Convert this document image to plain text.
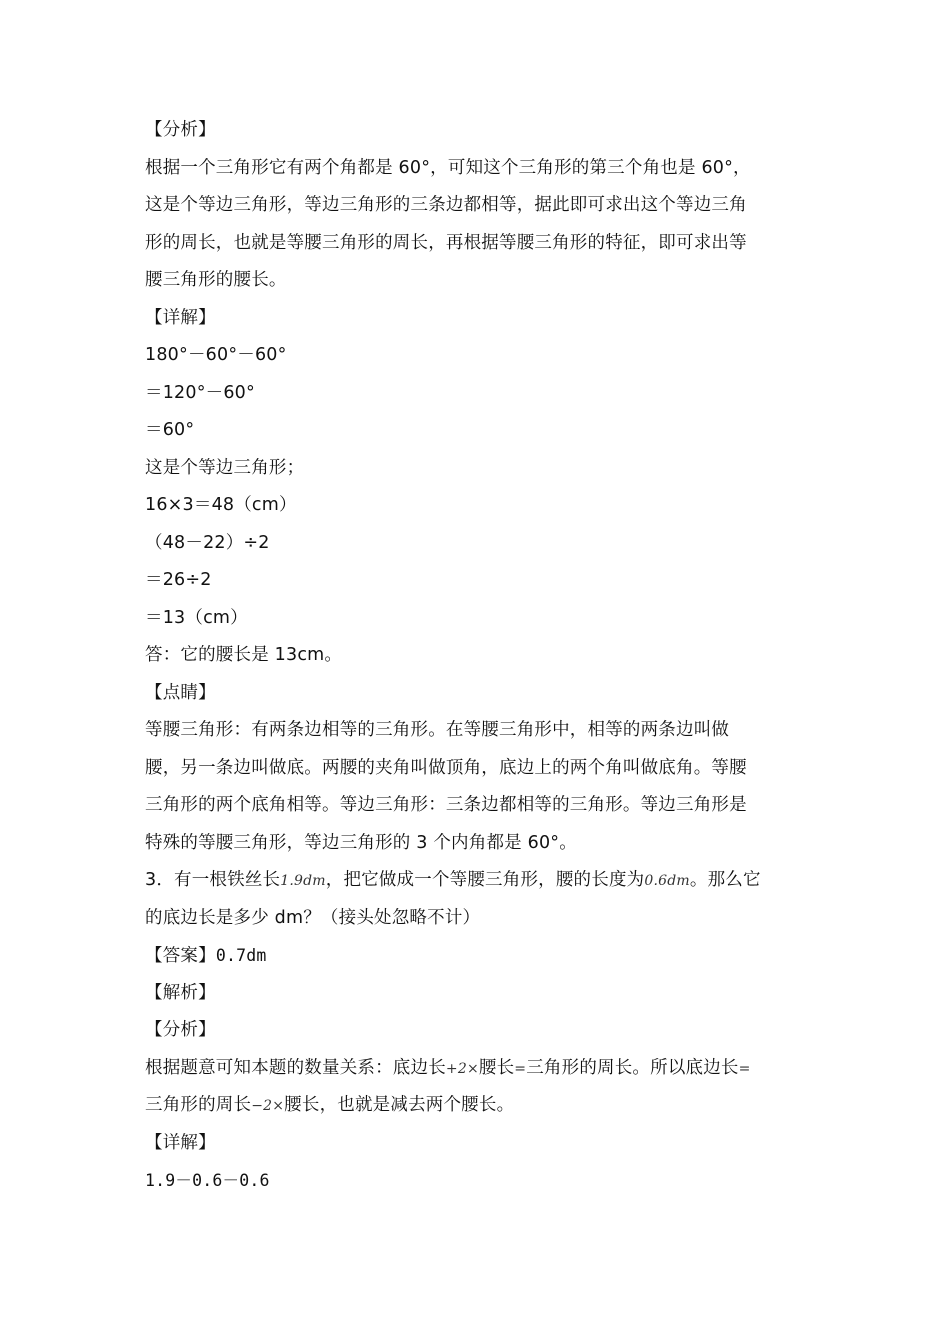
【分析】
根据一个三角形它有两个角都是 60°，可知这个三角形的第三个角也是 60°，
这是个等边三角形，等边三角形的三条边都相等，据此即可求出这个等边三角
形的周长，也就是等腰三角形的周长，再根据等腰三角形的特征，即可求出等
腰三角形的腰长。
【详解】
180°－60°－60°
＝120°－60°
＝60°
这是个等边三角形；
16×3＝48（cm）
（48－22）÷2
＝26÷2
＝13（cm）
答：它的腰长是 13cm。
【点睛】
等腰三角形：有两条边相等的三角形。在等腰三角形中，相等的两条边叫做
腰，另一条边叫做底。两腰的夹角叫做顶角，底边上的两个角叫做底角。等腰
三角形的两个底角相等。等边三角形：三条边都相等的三角形。等边三角形是
特殊的等腰三角形，等边三角形的 3 个内角都是 60°。
3．有一根铁丝长1.9dm，把它做成一个等腰三角形，腰的长度为0.6dm。那么它
的底边长是多少 dm？（接头处忽略不计）
【答案】0.7dm
【解析】
【分析】
根据题意可知本题的数量关系：底边长+2×腰长=三角形的周长。所以底边长=
三角形的周长−2×腰长，也就是减去两个腰长。
【详解】
1.9－0.6－0.6
